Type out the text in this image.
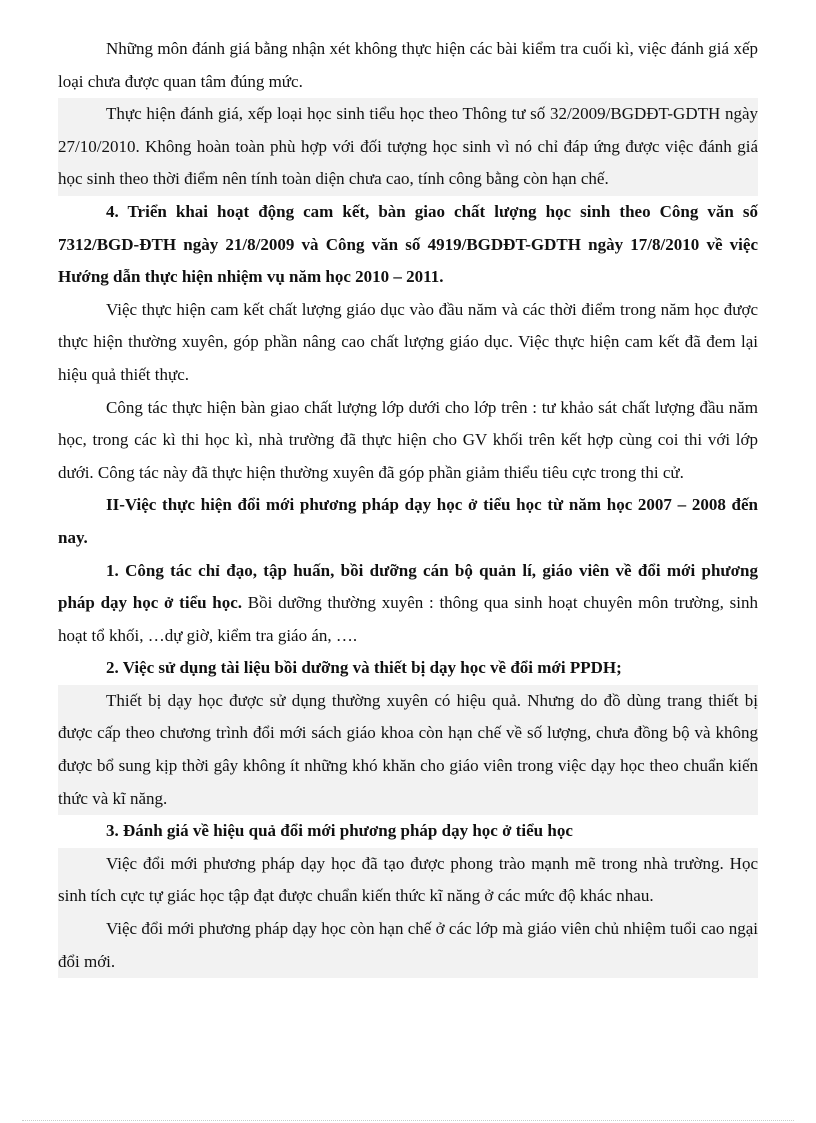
Những môn đánh giá bằng nhận xét không thực hiện các bài kiểm tra cuối kì, việc đánh giá xếp loại chưa được quan tâm đúng mức.

Thực hiện đánh giá, xếp loại học sinh tiểu học theo Thông tư số 32/2009/BGDĐT-GDTH ngày 27/10/2010. Không hoàn toàn phù hợp với đối tượng học sinh vì nó chỉ đáp ứng được việc đánh giá học sinh theo thời điểm nên tính toàn diện chưa cao, tính công bằng còn hạn chế.

4. Triển khai hoạt động cam kết, bàn giao chất lượng học sinh theo Công văn số 7312/BGD-ĐTH ngày 21/8/2009 và Công văn số 4919/BGDĐT-GDTH ngày 17/8/2010 về việc Hướng dẫn thực hiện nhiệm vụ năm học 2010 – 2011.

Việc thực hiện cam kết chất lượng giáo dục vào đầu năm và các thời điểm trong năm học được thực hiện thường xuyên, góp phần nâng cao chất lượng giáo dục. Việc thực hiện cam kết đã đem lại hiệu quả thiết thực.

Công tác thực hiện bàn giao chất lượng lớp dưới cho lớp trên : tư khảo sát chất lượng đầu năm học, trong các kì thi học kì, nhà trường đã thực hiện cho GV khối trên kết hợp cùng coi thi với lớp dưới. Công tác này đã thực hiện thường xuyên đã góp phần giảm thiểu tiêu cực trong thi cử.

II-Việc thực hiện đổi mới phương pháp dạy học ở tiểu học từ năm học 2007 – 2008 đến nay.

1. Công tác chỉ đạo, tập huấn, bồi dưỡng cán bộ quản lí, giáo viên về đổi mới phương pháp dạy học ở tiểu học. Bồi dưỡng thường xuyên : thông qua sinh hoạt chuyên môn trường, sinh hoạt tổ khối, …dự giờ, kiểm tra giáo án, ….

2. Việc sử dụng tài liệu bồi dưỡng và thiết bị dạy học về đổi mới PPDH;

Thiết bị dạy học được sử dụng thường xuyên có hiệu quả. Nhưng do đồ dùng trang thiết bị được cấp theo chương trình đổi mới sách giáo khoa còn hạn chế về số lượng, chưa đồng bộ và không được bổ sung kịp thời gây không ít những khó khăn cho giáo viên trong việc dạy học theo chuẩn kiến thức và kĩ năng.

3. Đánh giá về hiệu quả đổi mới phương pháp dạy học ở tiểu học

Việc đổi mới phương pháp dạy học đã tạo được phong trào mạnh mẽ trong nhà trường. Học sinh tích cực tự giác học tập đạt được chuẩn kiến thức kĩ năng ở các mức độ khác nhau.

Việc đổi mới phương pháp dạy học còn hạn chế ở các lớp mà giáo viên chủ nhiệm tuổi cao ngại đổi mới.
